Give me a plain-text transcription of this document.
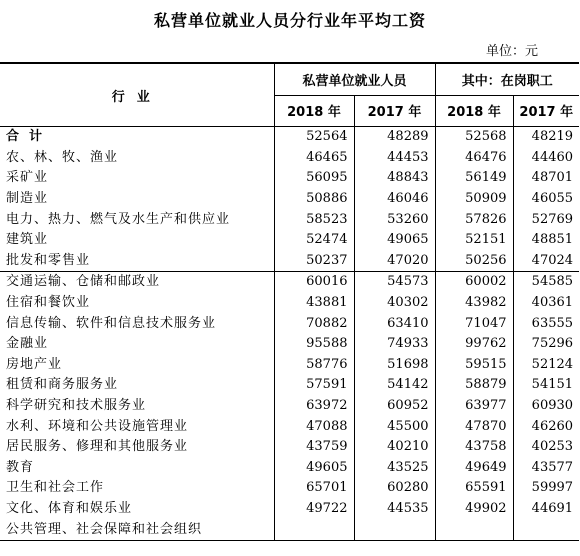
私营单位就业人员分行业年平均工资
单位：元
行业	私营单位就业人员		其中：在岗职工	
	2018 年	2017 年	2018 年	2017 年
合计	52564	48289	52568	48219
农、林、牧、渔业	46465	44453	46476	44460
采矿业	56095	48843	56149	48701
制造业	50886	46046	50909	46055
电力、热力、燃气及水生产和供应业	58523	53260	57826	52769
建筑业	52474	49065	52151	48851
批发和零售业	50237	47020	50256	47024
交通运输、仓储和邮政业	60016	54573	60002	54585
住宿和餐饮业	43881	40302	43982	40361
信息传输、软件和信息技术服务业	70882	63410	71047	63555
金融业	95588	74933	99762	75296
房地产业	58776	51698	59515	52124
租赁和商务服务业	57591	54142	58879	54151
科学研究和技术服务业	63972	60952	63977	60930
水利、环境和公共设施管理业	47088	45500	47870	46260
居民服务、修理和其他服务业	43759	40210	43758	40253
教育	49605	43525	49649	43577
卫生和社会工作	65701	60280	65591	59997
文化、体育和娱乐业	49722	44535	49902	44691
公共管理、社会保障和社会组织				
